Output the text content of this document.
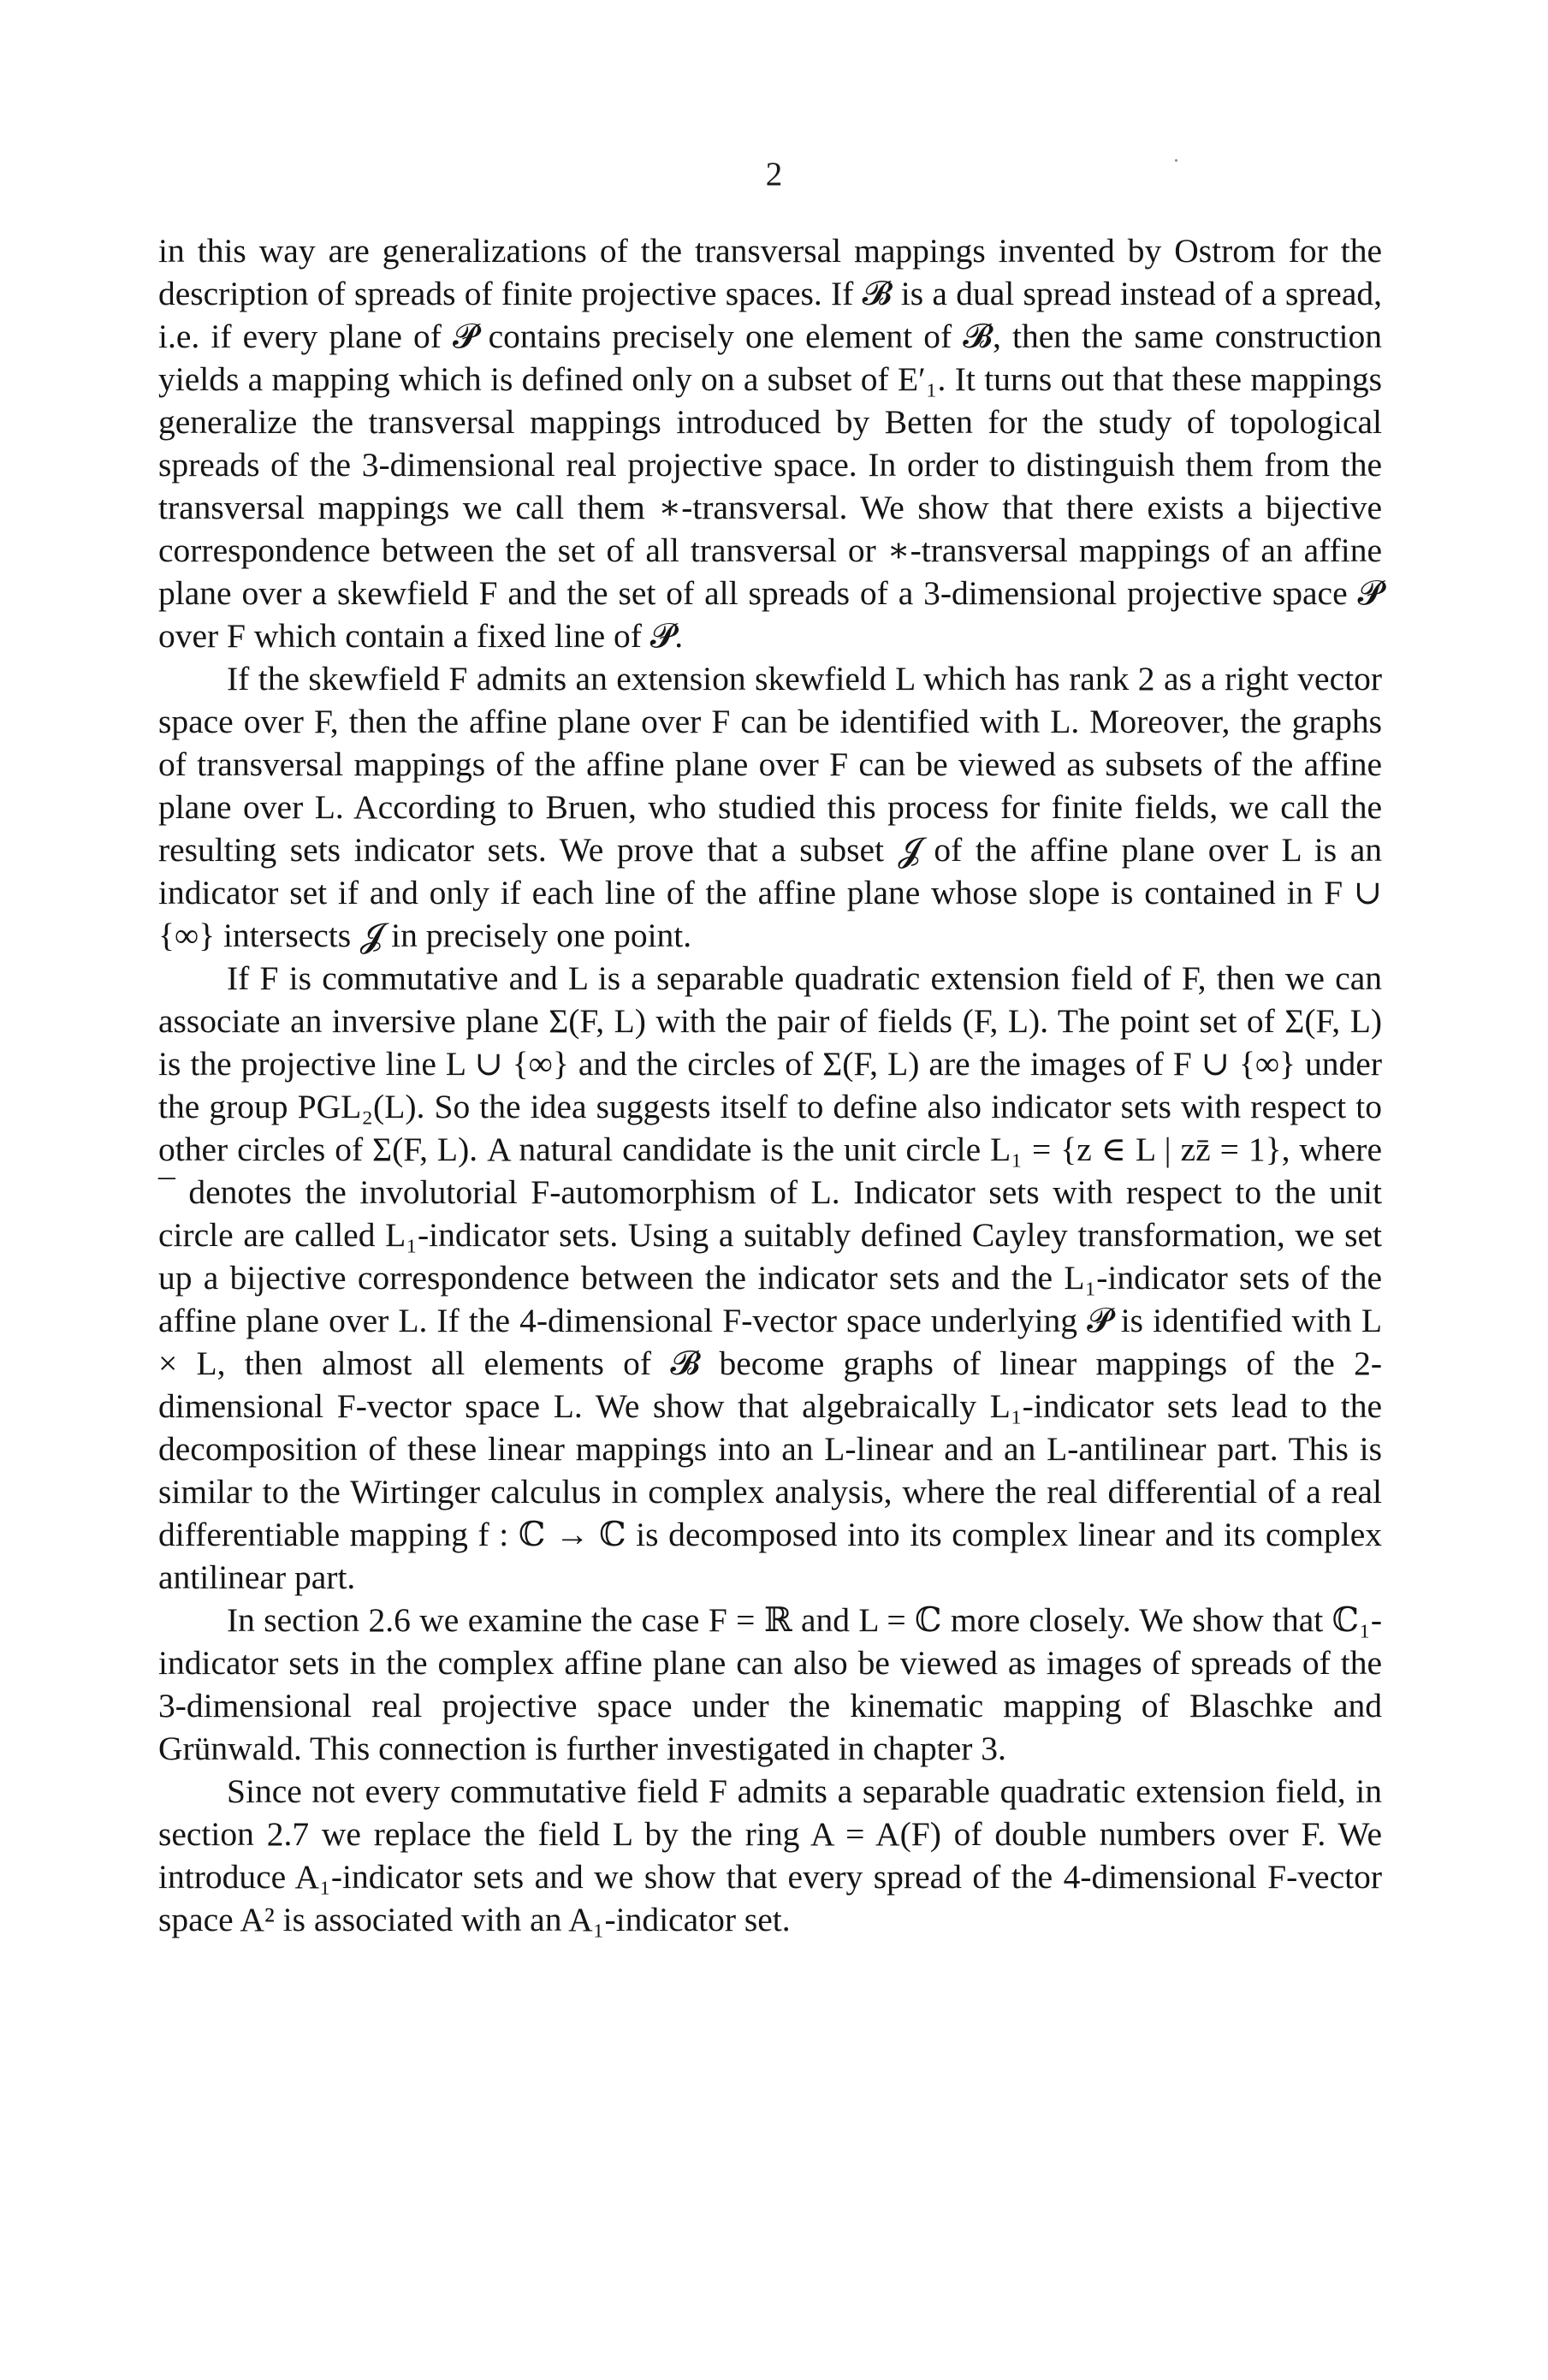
2

in this way are generalizations of the transversal mappings invented by Ostrom for the description of spreads of finite projective spaces. If 𝓑 is a dual spread instead of a spread, i.e. if every plane of 𝓟 contains precisely one element of 𝓑, then the same construction yields a mapping which is defined only on a subset of E′₁. It turns out that these mappings generalize the transversal mappings introduced by Betten for the study of topological spreads of the 3-dimensional real projective space. In order to distinguish them from the transversal mappings we call them ∗-transversal. We show that there exists a bijective correspondence between the set of all transversal or ∗-transversal mappings of an affine plane over a skewfield F and the set of all spreads of a 3-dimensional projective space 𝓟 over F which contain a fixed line of 𝓟.

If the skewfield F admits an extension skewfield L which has rank 2 as a right vector space over F, then the affine plane over F can be identified with L. Moreover, the graphs of transversal mappings of the affine plane over F can be viewed as subsets of the affine plane over L. According to Bruen, who studied this process for finite fields, we call the resulting sets indicator sets. We prove that a subset 𝓙 of the affine plane over L is an indicator set if and only if each line of the affine plane whose slope is contained in F ∪ {∞} intersects 𝓙 in precisely one point.

If F is commutative and L is a separable quadratic extension field of F, then we can associate an inversive plane Σ(F, L) with the pair of fields (F, L). The point set of Σ(F, L) is the projective line L ∪ {∞} and the circles of Σ(F, L) are the images of F ∪ {∞} under the group PGL₂(L). So the idea suggests itself to define also indicator sets with respect to other circles of Σ(F, L). A natural candidate is the unit circle L₁ = {z ∈ L | zz̄ = 1}, where ¯ denotes the involutorial F-automorphism of L. Indicator sets with respect to the unit circle are called L₁-indicator sets. Using a suitably defined Cayley transformation, we set up a bijective correspondence between the indicator sets and the L₁-indicator sets of the affine plane over L. If the 4-dimensional F-vector space underlying 𝓟 is identified with L × L, then almost all elements of 𝓑 become graphs of linear mappings of the 2-dimensional F-vector space L. We show that algebraically L₁-indicator sets lead to the decomposition of these linear mappings into an L-linear and an L-antilinear part. This is similar to the Wirtinger calculus in complex analysis, where the real differential of a real differentiable mapping f : ℂ → ℂ is decomposed into its complex linear and its complex antilinear part.

In section 2.6 we examine the case F = ℝ and L = ℂ more closely. We show that ℂ₁-indicator sets in the complex affine plane can also be viewed as images of spreads of the 3-dimensional real projective space under the kinematic mapping of Blaschke and Grünwald. This connection is further investigated in chapter 3.

Since not every commutative field F admits a separable quadratic extension field, in section 2.7 we replace the field L by the ring A = A(F) of double numbers over F. We introduce A₁-indicator sets and we show that every spread of the 4-dimensional F-vector space A² is associated with an A₁-indicator set.
